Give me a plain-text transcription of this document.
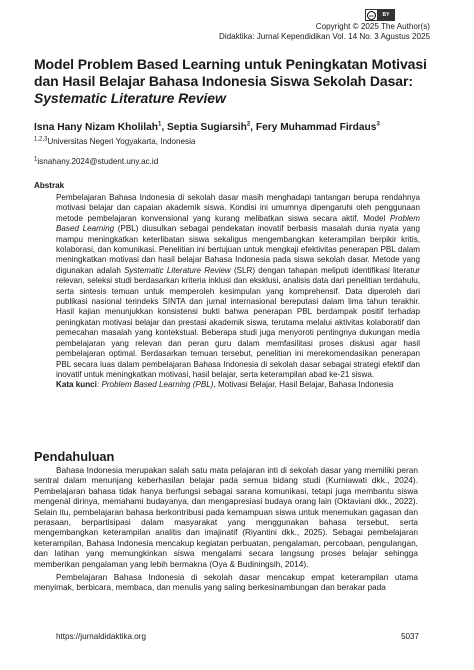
cc	BY
Copyright © 2025 The Author(s)
Didaktika: Jurnal Kependidikan Vol. 14 No. 3 Agustus 2025
Model Problem Based Learning untuk Peningkatan Motivasi
dan Hasil Belajar Bahasa Indonesia Siswa Sekolah Dasar:
Systematic Literature Review
Isna Hany Nizam Kholilah$^1$, Septia Sugiarsih$^2$, Fery Muhammad Firdaus$^3$
$^{1,2,3}$Universitas Negeri Yogyakarta, Indonesia
$^1$isnahany.2024@student.uny.ac.id
Abstrak

Pembelajaran Bahasa Indonesia di sekolah dasar masih menghadapi tantangan berupa rendahnya motivasi belajar dan capaian akademik siswa. Kondisi ini umumnya dipengaruhi oleh penggunaan metode pembelajaran konvensional yang kurang melibatkan siswa secara aktif. Model Problem Based Learning (PBL) diusulkan sebagai pendekatan inovatif berbasis masalah dunia nyata yang mampu meningkatkan keterlibatan siswa sekaligus mengembangkan keterampilan berpikir kritis, kolaborasi, dan komunikasi. Penelitian ini bertujuan untuk mengkaji efektivitas penerapan PBL dalam meningkatkan motivasi dan hasil belajar Bahasa Indonesia pada siswa sekolah dasar. Metode yang digunakan adalah Systematic Literature Review (SLR) dengan tahapan meliputi identifikasi literatur relevan, seleksi studi berdasarkan kriteria inklusi dan eksklusi, analisis data dari penelitian terdahulu, serta sintesis temuan untuk memperoleh kesimpulan yang komprehensif. Data diperoleh dari publikasi nasional terindeks SINTA dan jurnal internasional bereputasi dalam lima tahun terakhir. Hasil kajian menunjukkan konsistensi bukti bahwa penerapan PBL berdampak positif terhadap peningkatan motivasi belajar dan prestasi akademik siswa, terutama melalui aktivitas kolaboratif dan pemecahan masalah yang kontekstual. Beberapa studi juga menyoroti pentingnya dukungan media pembelajaran yang relevan dan peran guru dalam memfasilitasi proses diskusi agar hasil pembelajaran optimal. Berdasarkan temuan tersebut, penelitian ini merekomendasikan penerapan PBL secara luas dalam pembelajaran Bahasa Indonesia di sekolah dasar sebagai strategi efektif dan inovatif untuk meningkatkan motivasi, hasil belajar, serta keterampilan abad ke-21 siswa.

Kata kunci: Problem Based Learning (PBL), Motivasi Belajar, Hasil Belajar, Bahasa Indonesia

Pendahuluan

Bahasa Indonesia merupakan salah satu mata pelajaran inti di sekolah dasar yang memiliki peran sentral dalam menunjang keberhasilan belajar pada semua bidang studi (Kurniawati dkk., 2024). Pembelajaran bahasa tidak hanya berfungsi sebagai sarana komunikasi, tetapi juga membantu siswa mengenal dirinya, memahami budayanya, dan mengapresiasi budaya orang lain (Oktaviani dkk., 2022). Selain itu, pembelajaran bahasa berkontribusi pada kemampuan siswa untuk menemukan gagasan dan perasaan, berpartisipasi dalam masyarakat yang menggunakan bahasa tersebut, serta mengembangkan keterampilan analitis dan imajinatif (Riyantini dkk., 2025). Sebagai pembelajaran keterampilan, Bahasa Indonesia mencakup kegiatan perbuatan, pengalaman, percobaan, pengulangan, dan latihan yang memungkinkan siswa mengalami secara langsung proses belajar sehingga memberikan pengalaman yang lebih bermakna (Oya & Budiningsih, 2014).

Pembelajaran Bahasa Indonesia di sekolah dasar mencakup empat keterampilan utama menyimak, berbicara, membaca, dan menulis yang saling berkesinambungan dan berakar pada

https://jurnaldidaktika.org	5037
